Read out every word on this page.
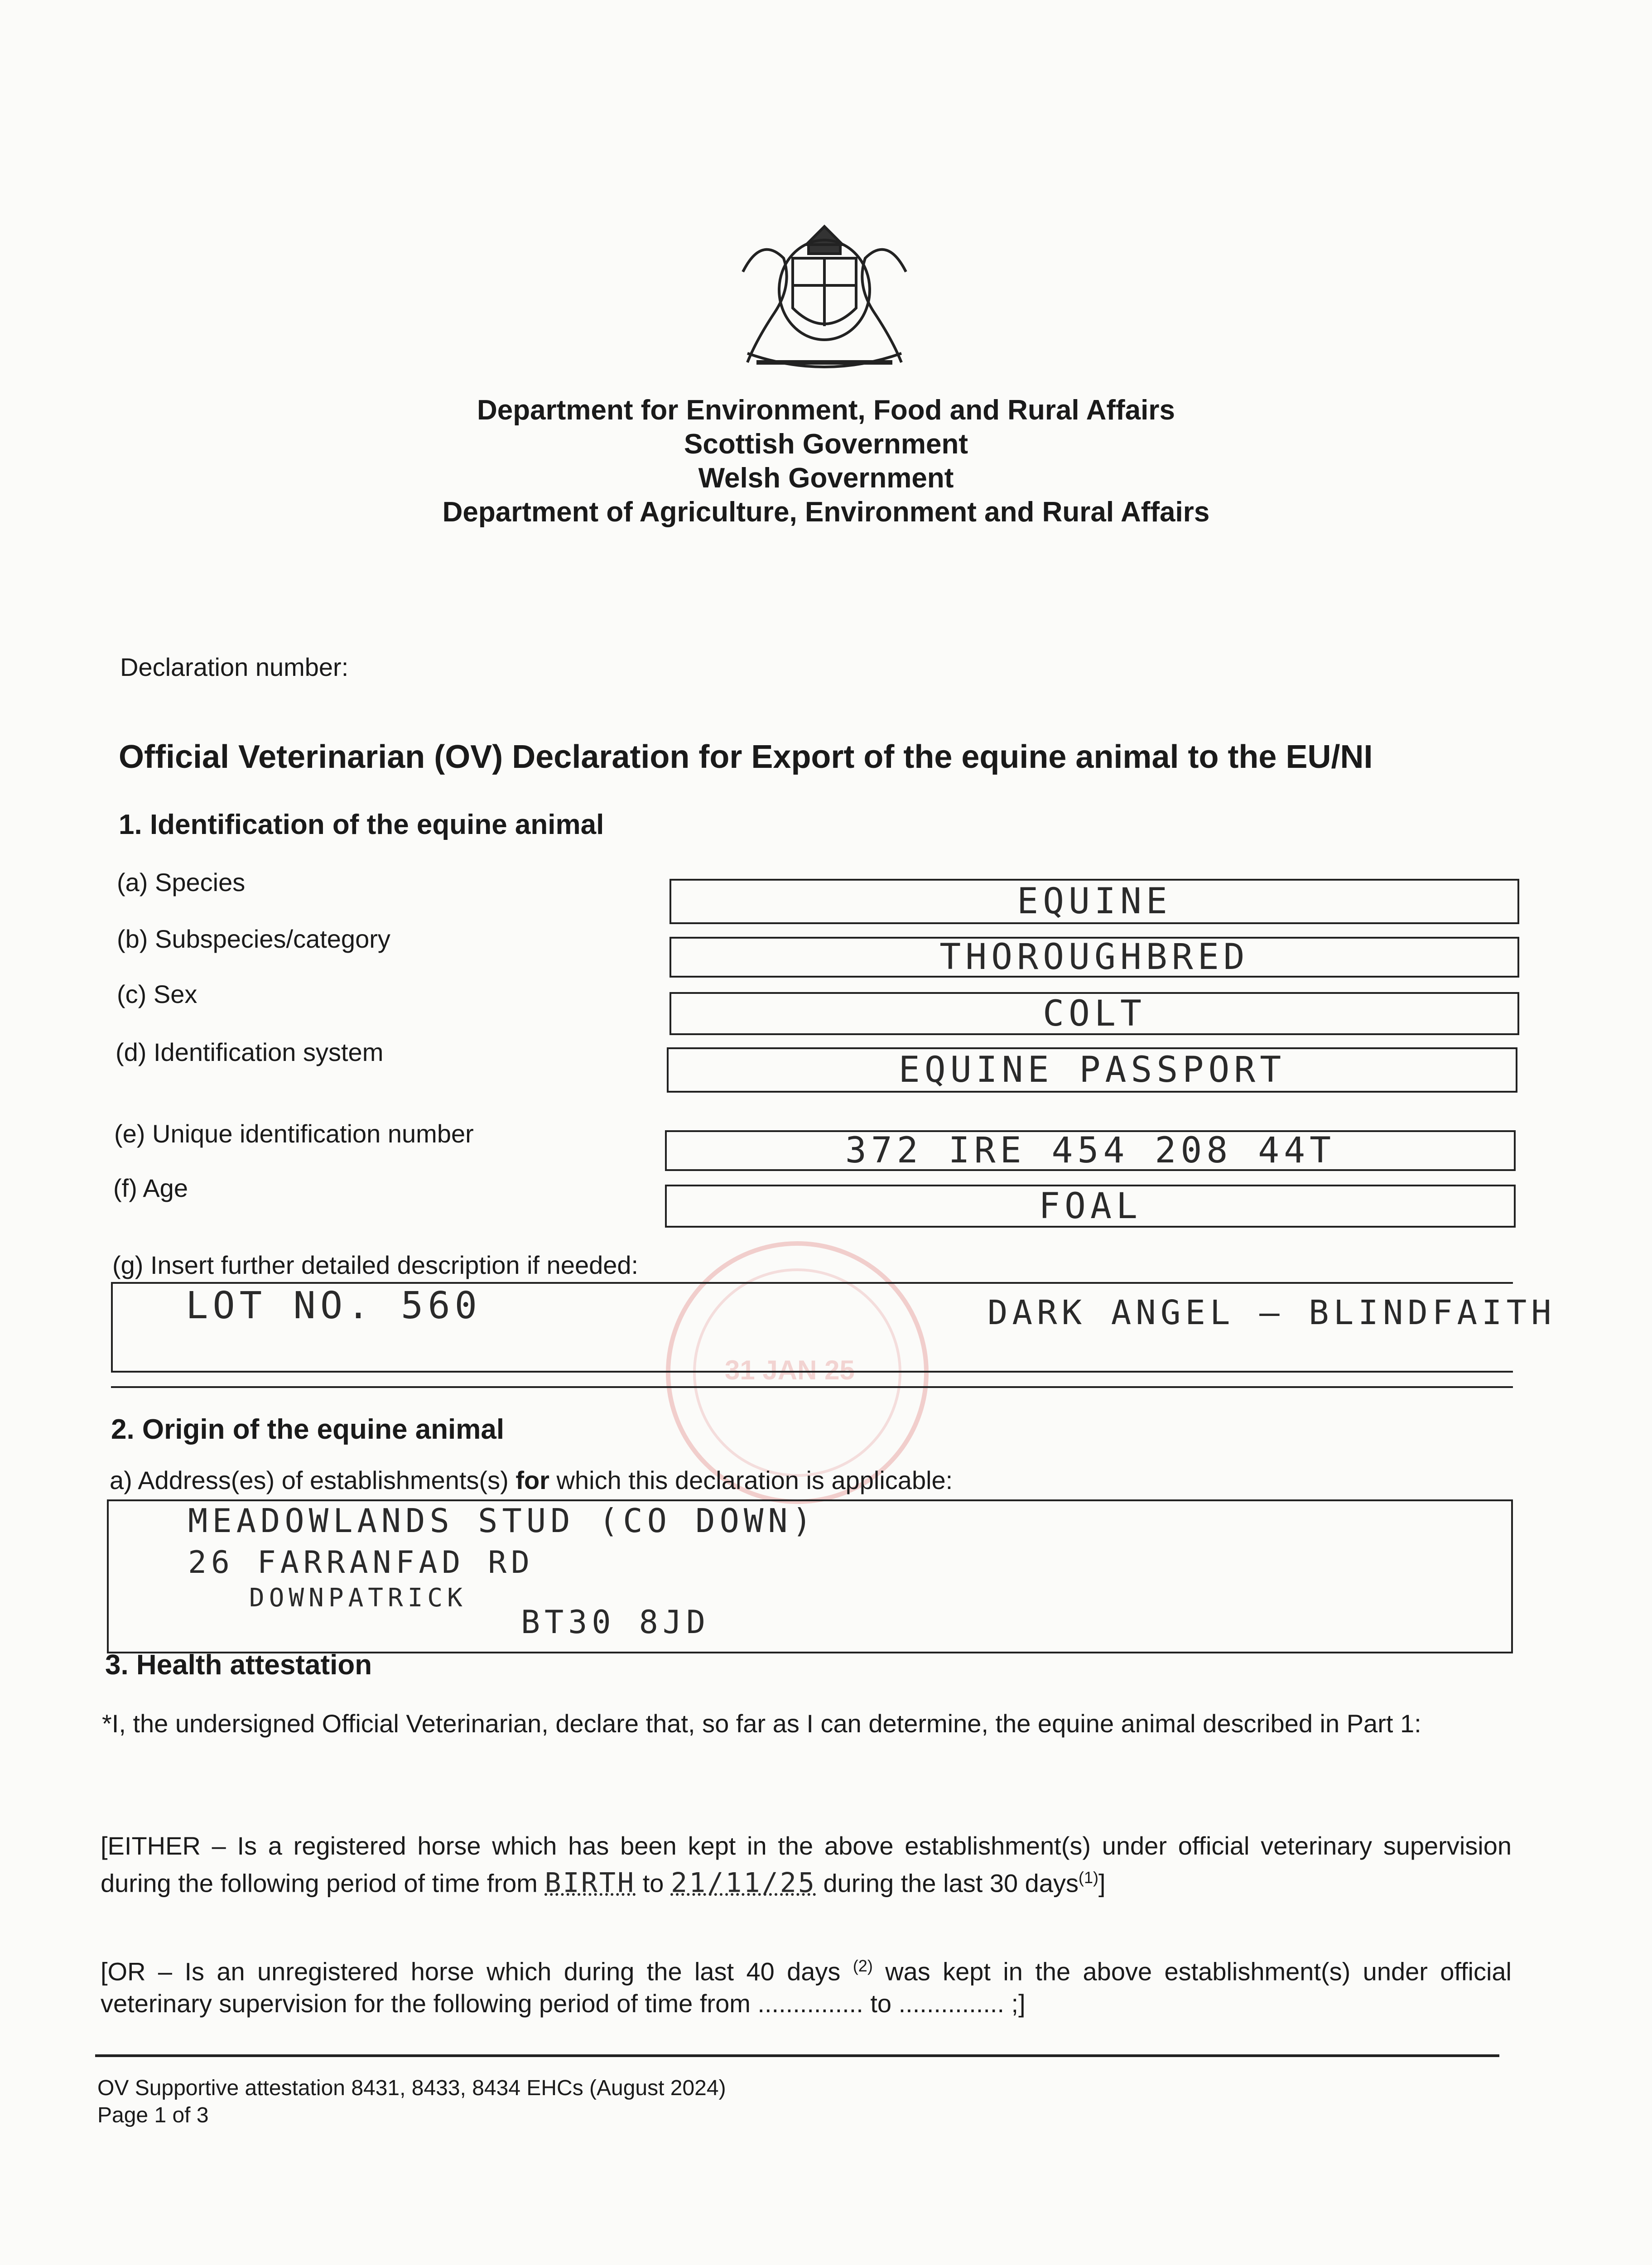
Department for Environment, Food and Rural Affairs
Scottish Government
Welsh Government
Department of Agriculture, Environment and Rural Affairs
Declaration number:
Official Veterinarian (OV) Declaration for Export of the equine animal to the EU/NI
1. Identification of the equine animal
(a) Species	EQUINE
(b) Subspecies/category	THOROUGHBRED
(c) Sex	COLT
(d) Identification system	EQUINE PASSPORT
(e) Unique identification number	372 IRE 454 208 44T
(f) Age	FOAL
31 JAN 25
(g) Insert further detailed description if needed:
LOT NO. 560	DARK ANGEL – BLINDFAITH
2. Origin of the equine animal
a) Address(es) of establishments(s) for which this declaration is applicable:
MEADOWLANDS STUD (CO DOWN)
26 FARRANFAD RD
DOWNPATRICK
BT30 8JD
3. Health attestation
*I, the undersigned Official Veterinarian, declare that, so far as I can determine, the equine animal described in Part 1:
[EITHER – Is a registered horse which has been kept in the above establishment(s) under official veterinary supervision during the following period of time from BIRTH to 21/11/25 during the last 30 days$^{(1)}$]
[OR – Is an unregistered horse which during the last 40 days $^{(2)}$ was kept in the above establishment(s) under official veterinary supervision for the following period of time from ............... to ............... ;]
OV Supportive attestation 8431, 8433, 8434 EHCs (August 2024)
Page 1 of 3
